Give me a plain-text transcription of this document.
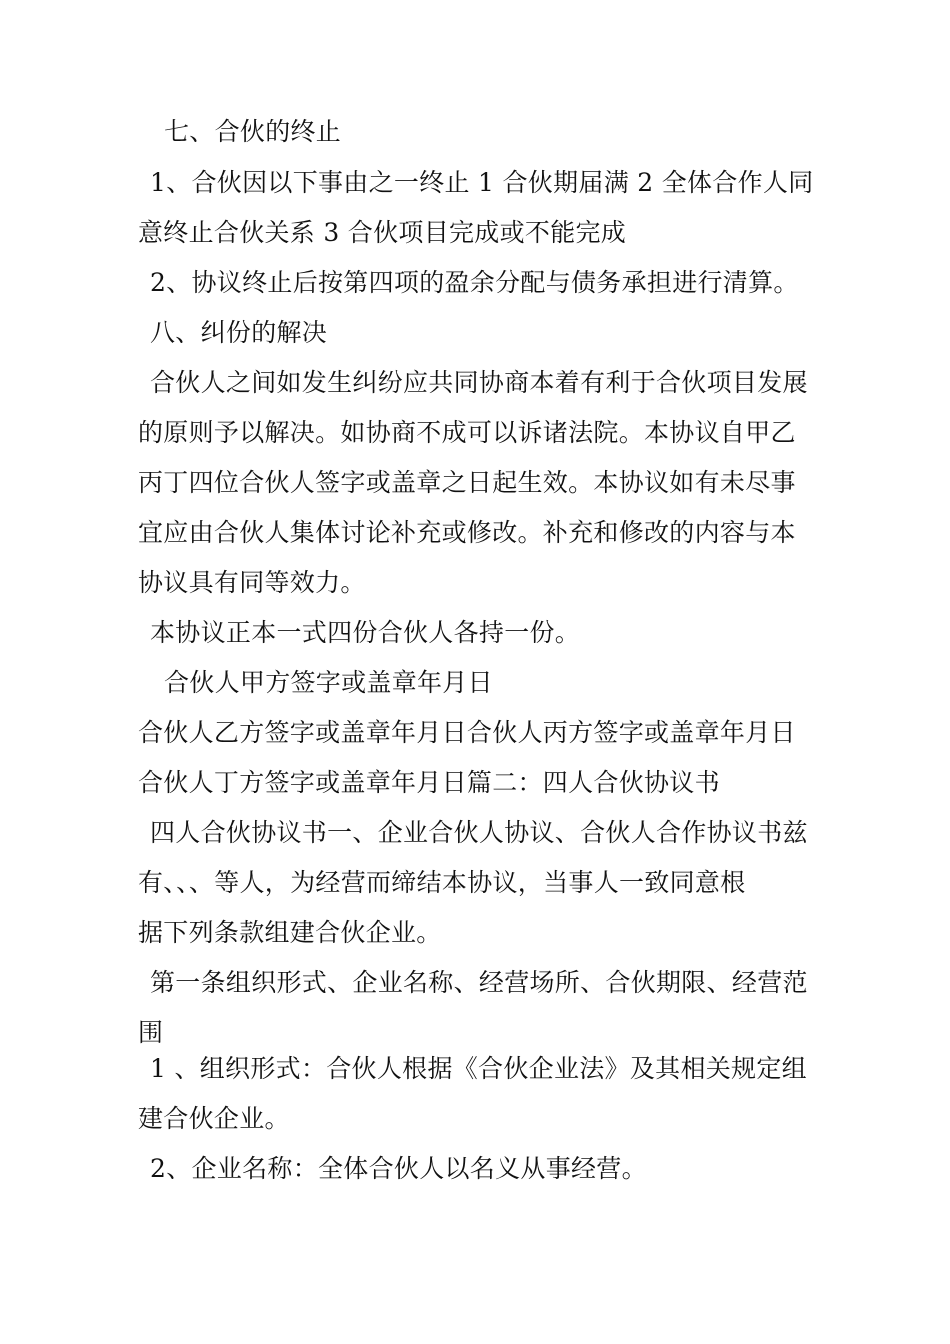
七、合伙的终止
1、合伙因以下事由之一终止 1 合伙期届满 2 全体合作人同
意终止合伙关系 3 合伙项目完成或不能完成
2、协议终止后按第四项的盈余分配与债务承担进行清算。
八、纠份的解决
合伙人之间如发生纠纷应共同协商本着有利于合伙项目发展
的原则予以解决。如协商不成可以诉诸法院。本协议自甲乙
丙丁四位合伙人签字或盖章之日起生效。本协议如有未尽事
宜应由合伙人集体讨论补充或修改。补充和修改的内容与本
协议具有同等效力。
本协议正本一式四份合伙人各持一份。
合伙人甲方签字或盖章年月日
合伙人乙方签字或盖章年月日合伙人丙方签字或盖章年月日
合伙人丁方签字或盖章年月日篇二：四人合伙协议书
四人合伙协议书一、企业合伙人协议、合伙人合作协议书兹
有、、、等人，为经营而缔结本协议，当事人一致同意根
据下列条款组建合伙企业。
第一条组织形式、企业名称、经营场所、合伙期限、经营范
围
1 、组织形式：合伙人根据《合伙企业法》及其相关规定组
建合伙企业。
2、企业名称：全体合伙人以名义从事经营。
